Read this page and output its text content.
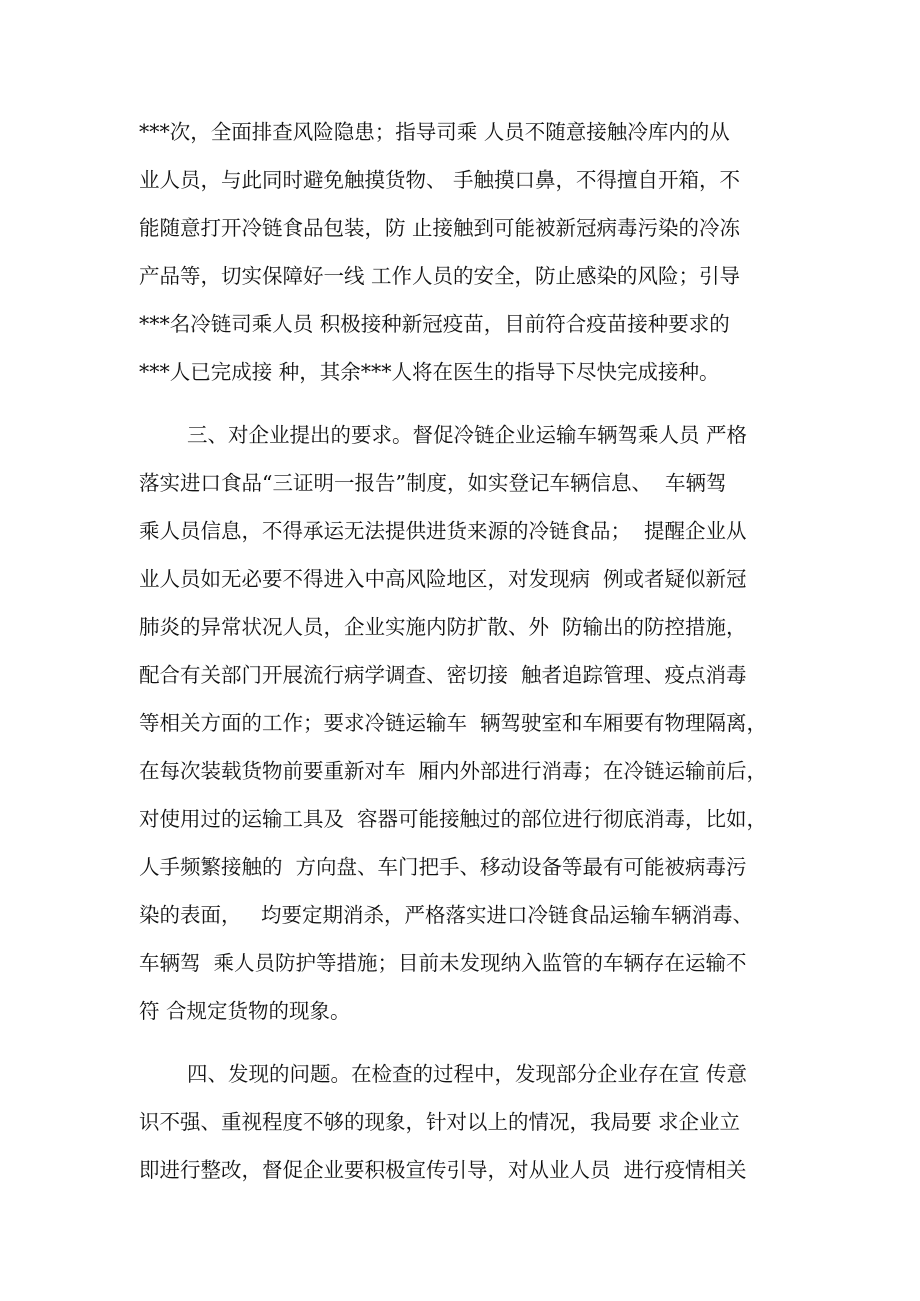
***次，全面排查风险隐患；指导司乘 人员不随意接触冷库内的从
业人员，与此同时避免触摸货物、 手触摸口鼻，不得擅自开箱，不
能随意打开冷链食品包装，防 止接触到可能被新冠病毒污染的冷冻
产品等，切实保障好一线 工作人员的安全，防止感染的风险；引导
***名冷链司乘人员 积极接种新冠疫苗，目前符合疫苗接种要求的
***人已完成接 种，其余***人将在医生的指导下尽快完成接种。
三、对企业提出的要求。督促冷链企业运输车辆驾乘人员 严格
落实进口食品“三证明一报告”制度，如实登记车辆信息、  车辆驾
乘人员信息，不得承运无法提供进货来源的冷链食品；  提醒企业从
业人员如无必要不得进入中高风险地区，对发现病  例或者疑似新冠
肺炎的异常状况人员，企业实施内防扩散、外  防输出的防控措施，
配合有关部门开展流行病学调查、密切接  触者追踪管理、疫点消毒
等相关方面的工作；要求冷链运输车  辆驾驶室和车厢要有物理隔离，
在每次装载货物前要重新对车  厢内外部进行消毒；在冷链运输前后，
对使用过的运输工具及  容器可能接触过的部位进行彻底消毒，比如，
人手频繁接触的  方向盘、车门把手、移动设备等最有可能被病毒污
染的表面，   均要定期消杀，严格落实进口冷链食品运输车辆消毒、
车辆驾  乘人员防护等措施；目前未发现纳入监管的车辆存在运输不
符 合规定货物的现象。
四、发现的问题。在检查的过程中，发现部分企业存在宣 传意
识不强、重视程度不够的现象，针对以上的情况，我局要 求企业立
即进行整改，督促企业要积极宣传引导，对从业人员  进行疫情相关
